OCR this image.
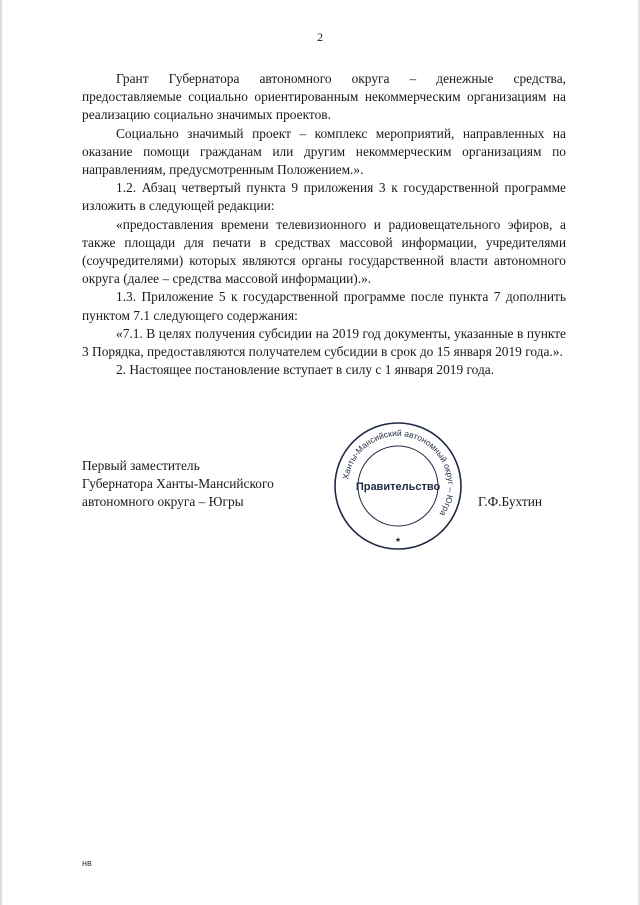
2

Грант Губернатора автономного округа – денежные средства, предоставляемые социально ориентированным некоммерческим организациям на реализацию социально значимых проектов.

Социально значимый проект – комплекс мероприятий, направленных на оказание помощи гражданам или другим некоммерческим организациям по направлениям, предусмотренным Положением.».

1.2. Абзац четвертый пункта 9 приложения 3 к государственной программе изложить в следующей редакции:

«предоставления времени телевизионного и радиовещательного эфиров, а также площади для печати в средствах массовой информации, учредителями (соучредителями) которых являются органы государственной власти автономного округа (далее – средства массовой информации).».

1.3. Приложение 5 к государственной программе после пункта 7 дополнить пунктом 7.1 следующего содержания:

«7.1. В целях получения субсидии на 2019 год документы, указанные в пункте 3 Порядка, предоставляются получателем субсидии в срок до 15 января 2019 года.».

2. Настоящее постановление вступает в силу с 1 января 2019 года.

Первый заместитель
Губернатора Ханты-Мансийского
автономного округа – Югры
Ханты-Мансийский автономный округ – Югра
Правительство
★
Г.Ф.Бухтин
нв
